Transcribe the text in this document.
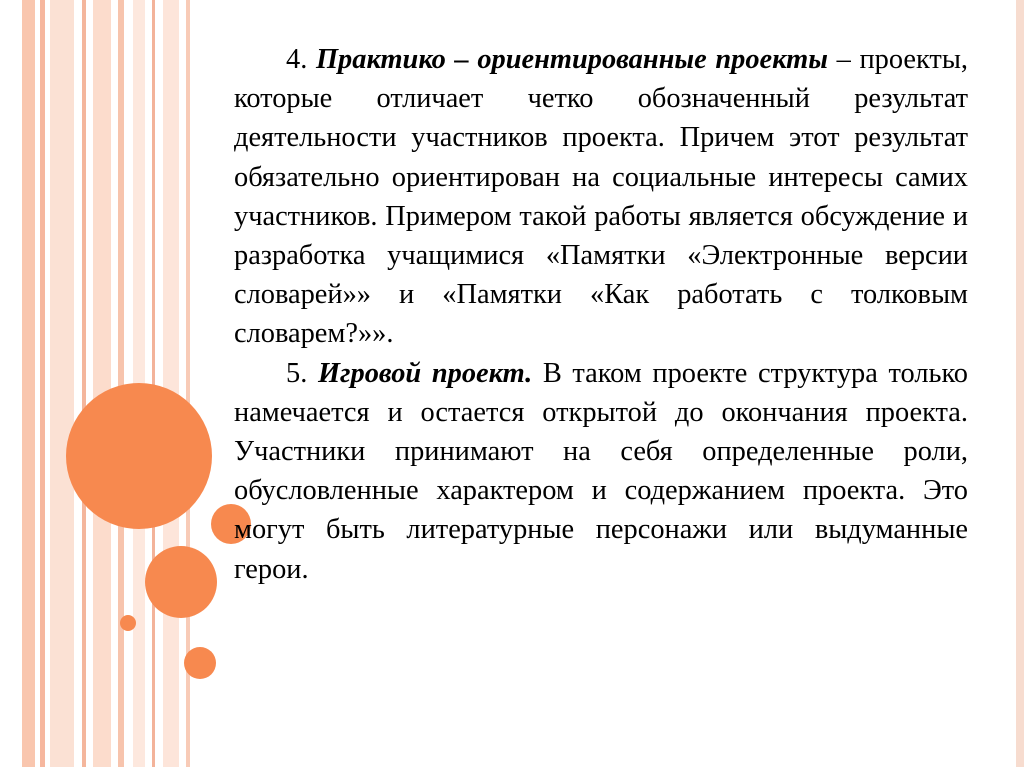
4. Практико – ориентированные проекты – проекты, которые отличает четко обозначенный результат деятельности участников проекта. Причем этот результат обязательно ориентирован на социальные интересы самих участников. Примером такой работы является обсуждение и разработка учащимися «Памятки «Электронные версии словарей»» и «Памятки «Как работать с толковым словарем?»».

5. Игровой проект. В таком проекте структура только намечается и остается открытой до окончания проекта. Участники принимают на себя определенные роли, обусловленные характером и содержанием проекта. Это могут быть литературные персонажи или выдуманные герои.
